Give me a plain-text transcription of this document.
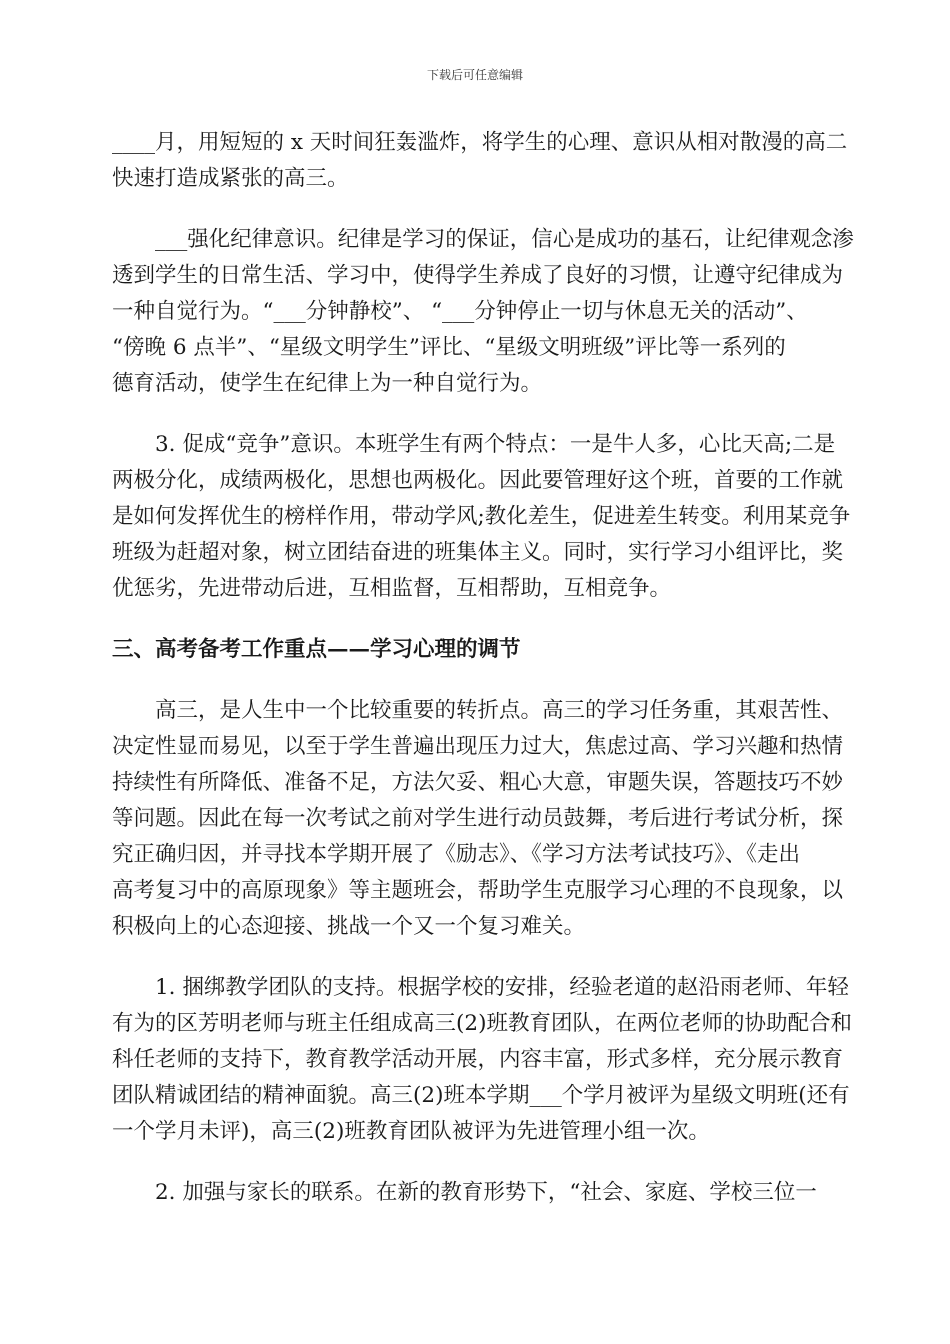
下载后可任意编辑
____月，用短短的 x 天时间狂轰滥炸，将学生的心理、意识从相对散漫的高二
快速打造成紧张的高三。
　　___强化纪律意识。纪律是学习的保证，信心是成功的基石，让纪律观念渗
透到学生的日常生活、学习中，使得学生养成了良好的习惯，让遵守纪律成为
一种自觉行为。“___分钟静校”、 “___分钟停止一切与休息无关的活动”、
“傍晚 6 点半”、“星级文明学生”评比、“星级文明班级”评比等一系列的
德育活动，使学生在纪律上为一种自觉行为。
　　3. 促成“竞争”意识。本班学生有两个特点：一是牛人多，心比天高;二是
两极分化，成绩两极化，思想也两极化。因此要管理好这个班，首要的工作就
是如何发挥优生的榜样作用，带动学风;教化差生，促进差生转变。利用某竞争
班级为赶超对象，树立团结奋进的班集体主义。同时，实行学习小组评比，奖
优惩劣，先进带动后进，互相监督，互相帮助，互相竞争。
三、高考备考工作重点——学习心理的调节
　　高三，是人生中一个比较重要的转折点。高三的学习任务重，其艰苦性、
决定性显而易见，以至于学生普遍出现压力过大，焦虑过高、学习兴趣和热情
持续性有所降低、准备不足，方法欠妥、粗心大意，审题失误，答题技巧不妙
等问题。因此在每一次考试之前对学生进行动员鼓舞，考后进行考试分析，探
究正确归因，并寻找本学期开展了《励志》、《学习方法考试技巧》、《走出
高考复习中的高原现象》等主题班会，帮助学生克服学习心理的不良现象，以
积极向上的心态迎接、挑战一个又一个复习难关。
　　1. 捆绑教学团队的支持。根据学校的安排，经验老道的赵沿雨老师、年轻
有为的区芳明老师与班主任组成高三(2)班教育团队，在两位老师的协助配合和
科任老师的支持下，教育教学活动开展，内容丰富，形式多样，充分展示教育
团队精诚团结的精神面貌。高三(2)班本学期___个学月被评为星级文明班(还有
一个学月未评)，高三(2)班教育团队被评为先进管理小组一次。
　　2. 加强与家长的联系。在新的教育形势下，“社会、家庭、学校三位一
